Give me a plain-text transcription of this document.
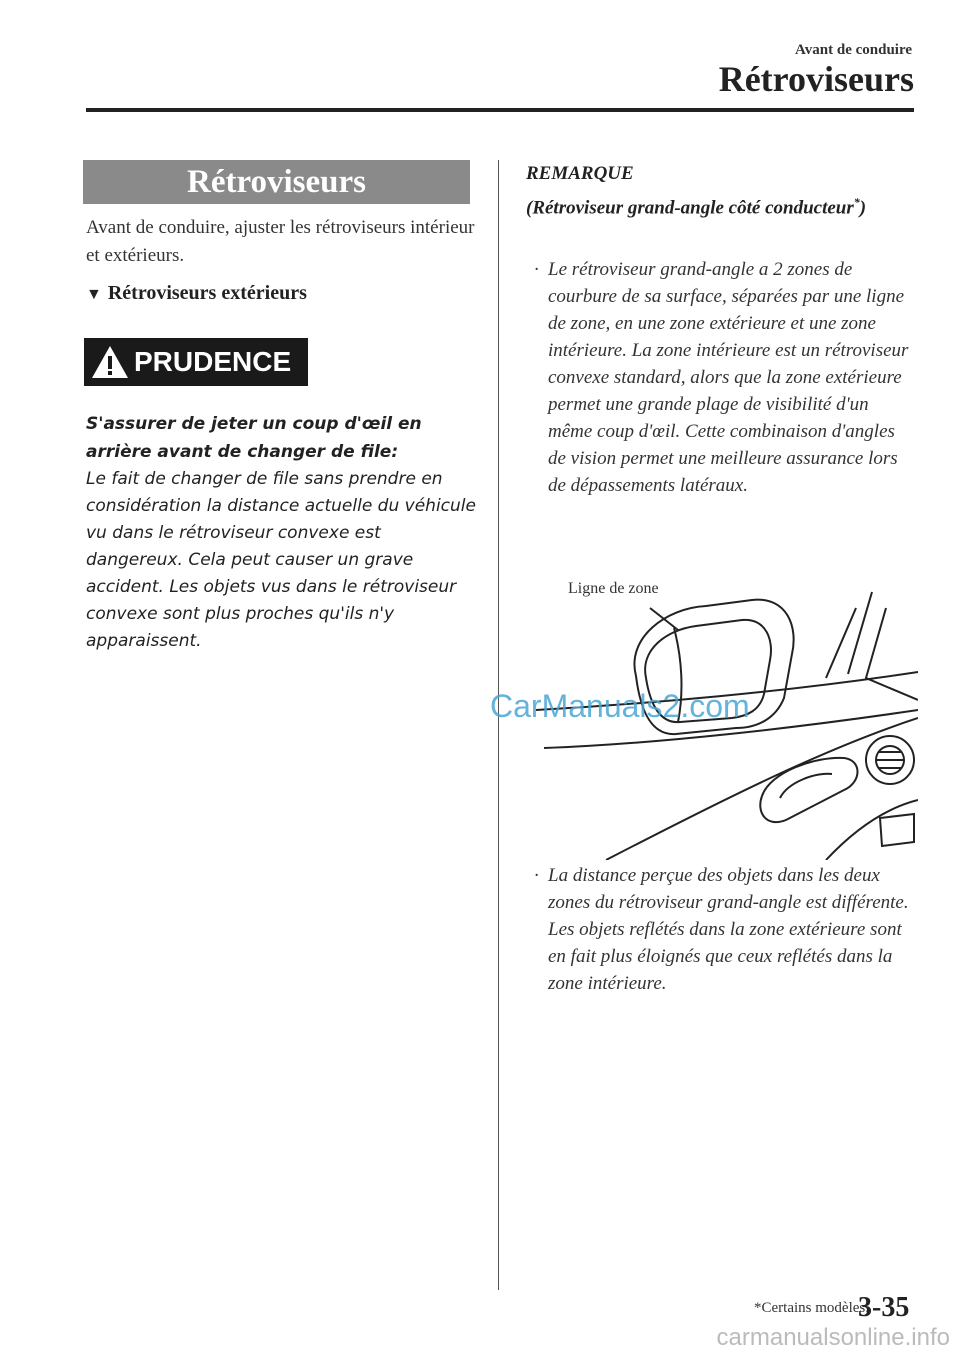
Avant de conduire
Rétroviseurs
Rétroviseurs
Avant de conduire, ajuster les rétroviseurs intérieur et extérieurs.
▼ Rétroviseurs extérieurs
PRUDENCE
S'assurer de jeter un coup d'œil en arrière avant de changer de file:
Le fait de changer de file sans prendre en considération la distance actuelle du véhicule vu dans le rétroviseur convexe est dangereux. Cela peut causer un grave accident. Les objets vus dans le rétroviseur convexe sont plus proches qu'ils n'y apparaissent.
REMARQUE
(Rétroviseur grand-angle côté conducteur*)
· Le rétroviseur grand-angle a 2 zones de courbure de sa surface, séparées par une ligne de zone, en une zone extérieure et une zone intérieure. La zone intérieure est un rétroviseur convexe standard, alors que la zone extérieure permet une grande plage de visibilité d'un même coup d'œil. Cette combinaison d'angles de vision permet une meilleure assurance lors de dépassements latéraux.
Ligne de zone
CarManuals2.com
· La distance perçue des objets dans les deux zones du rétroviseur grand-angle est différente. Les objets reflétés dans la zone extérieure sont en fait plus éloignés que ceux reflétés dans la zone intérieure.
*Certains modèles.
3-35
carmanualsonline.info
